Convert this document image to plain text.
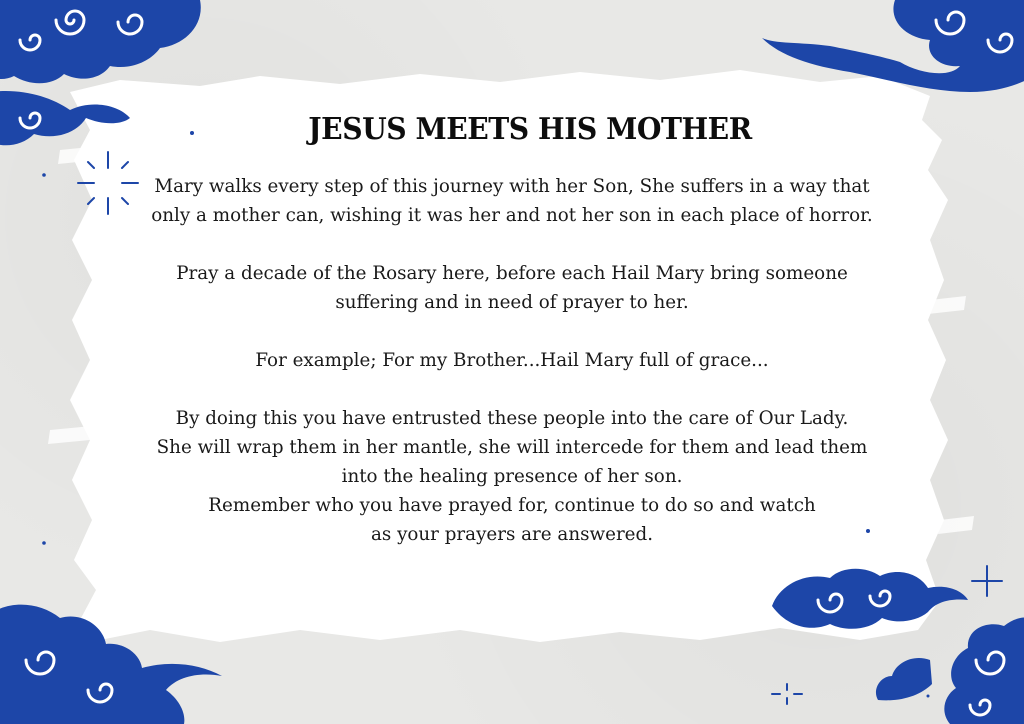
JESUS MEETS HIS MOTHER

Mary walks every step of this journey with her Son, She suffers in a way that

only a mother can, wishing it was her and not her son in each place of horror.

Pray a decade of the Rosary here, before each Hail Mary bring someone

suffering and in need of prayer to her.

For example; For my Brother...Hail Mary full of grace...

By doing this you have entrusted these people into the care of Our Lady.

She will wrap them in her mantle, she will intercede for them and lead them

into the healing presence of her son.

Remember who you have prayed for, continue to do so and watch

as your prayers are answered.
